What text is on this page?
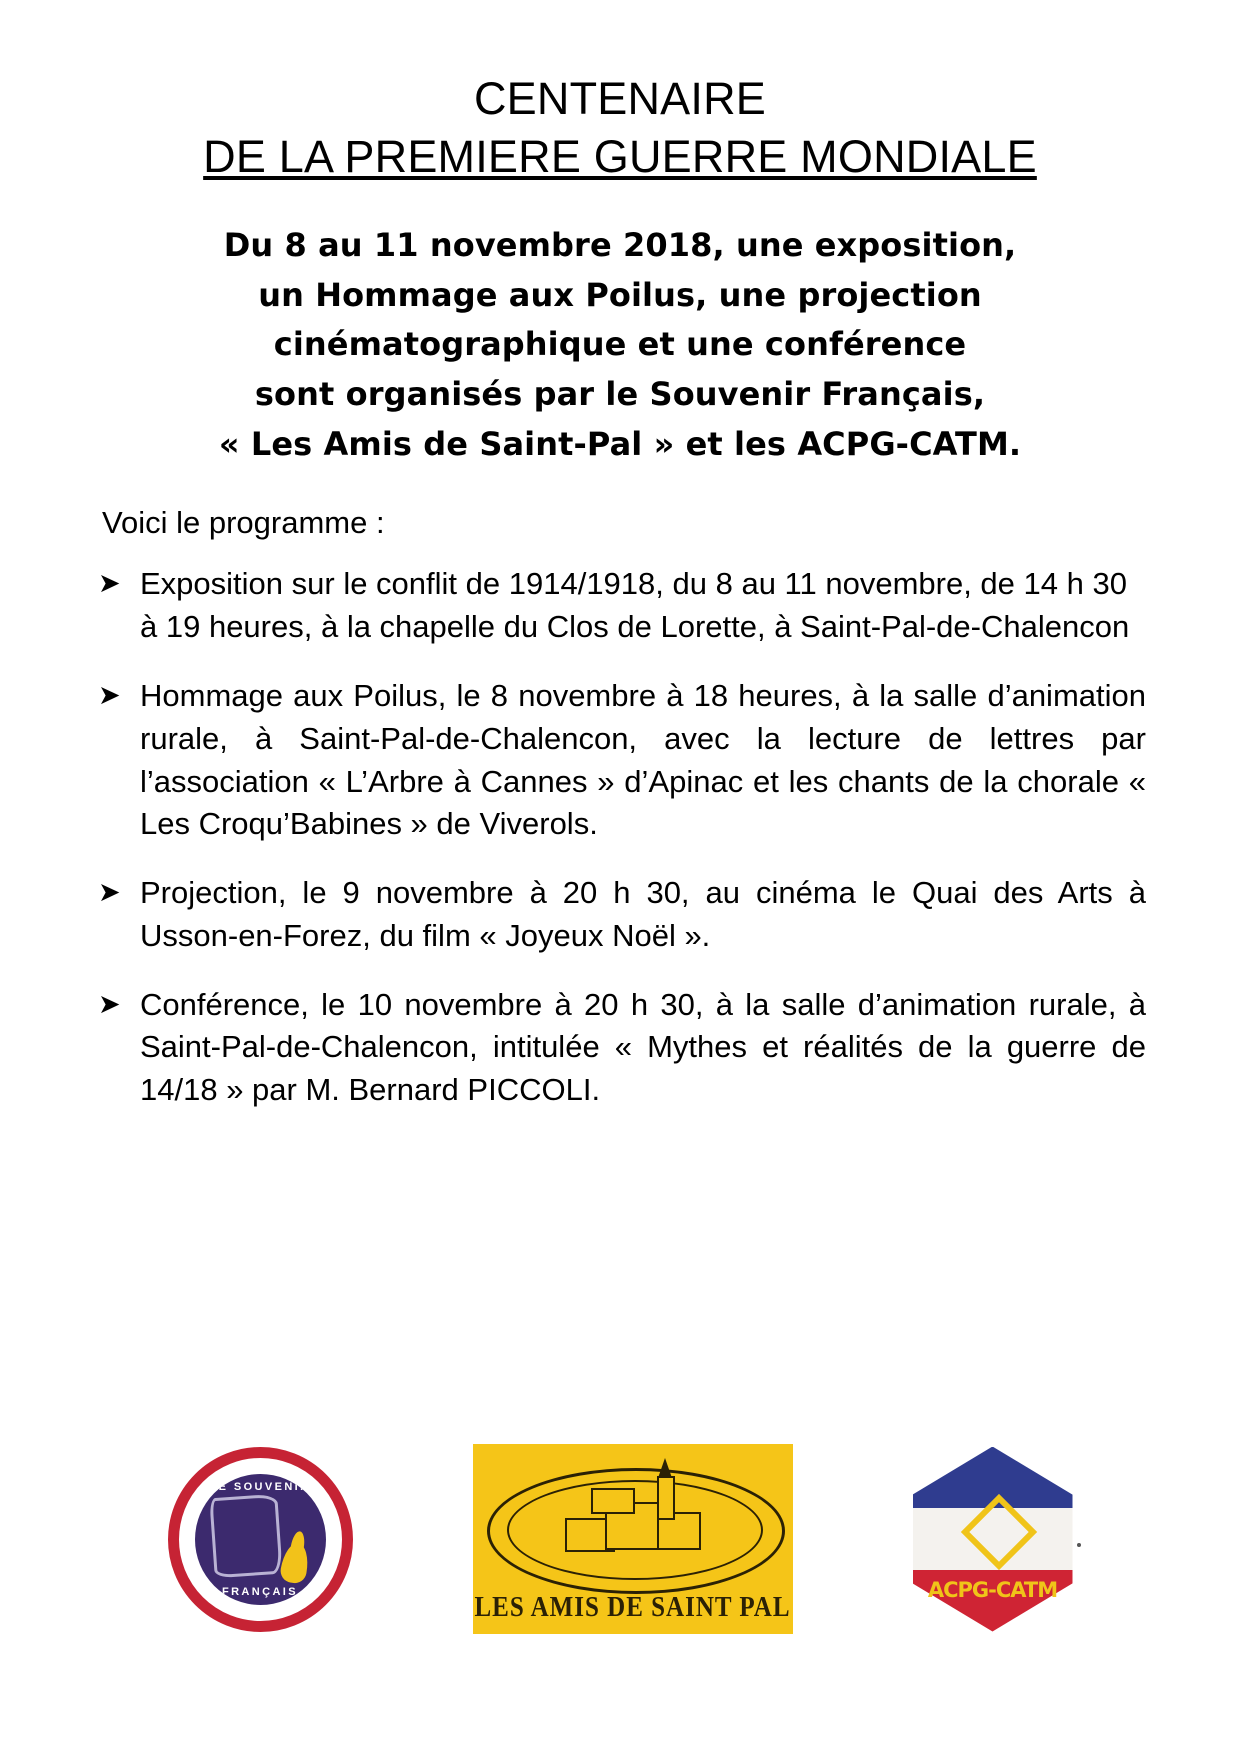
CENTENAIRE
DE LA PREMIERE GUERRE MONDIALE
Du 8 au 11 novembre 2018, une exposition,
un Hommage aux Poilus, une projection
cinématographique et une conférence
sont organisés par le Souvenir Français,
« Les Amis de Saint-Pal » et les ACPG-CATM.
Voici le programme :
➤ Exposition sur le conflit de 1914/1918, du 8 au 11 novembre, de 14 h 30 à 19 heures, à la chapelle du Clos de Lorette, à Saint-Pal-de-Chalencon
➤ Hommage aux Poilus, le 8 novembre à 18 heures, à la salle d’animation rurale, à Saint-Pal-de-Chalencon, avec la lecture de lettres par l’association « L’Arbre à Cannes » d’Apinac et les chants de la chorale « Les Croqu’Babines » de Viverols.
➤ Projection, le 9 novembre à 20 h 30, au cinéma le Quai des Arts à Usson-en-Forez, du film « Joyeux Noël ».
➤ Conférence, le 10 novembre à 20 h 30, à la salle d’animation rurale, à Saint-Pal-de-Chalencon, intitulée « Mythes et réalités de la guerre de 14/18 » par M. Bernard PICCOLI.
LE SOUVENIR
FRANÇAIS
LES AMIS DE SAINT PAL
ACPG-CATM
